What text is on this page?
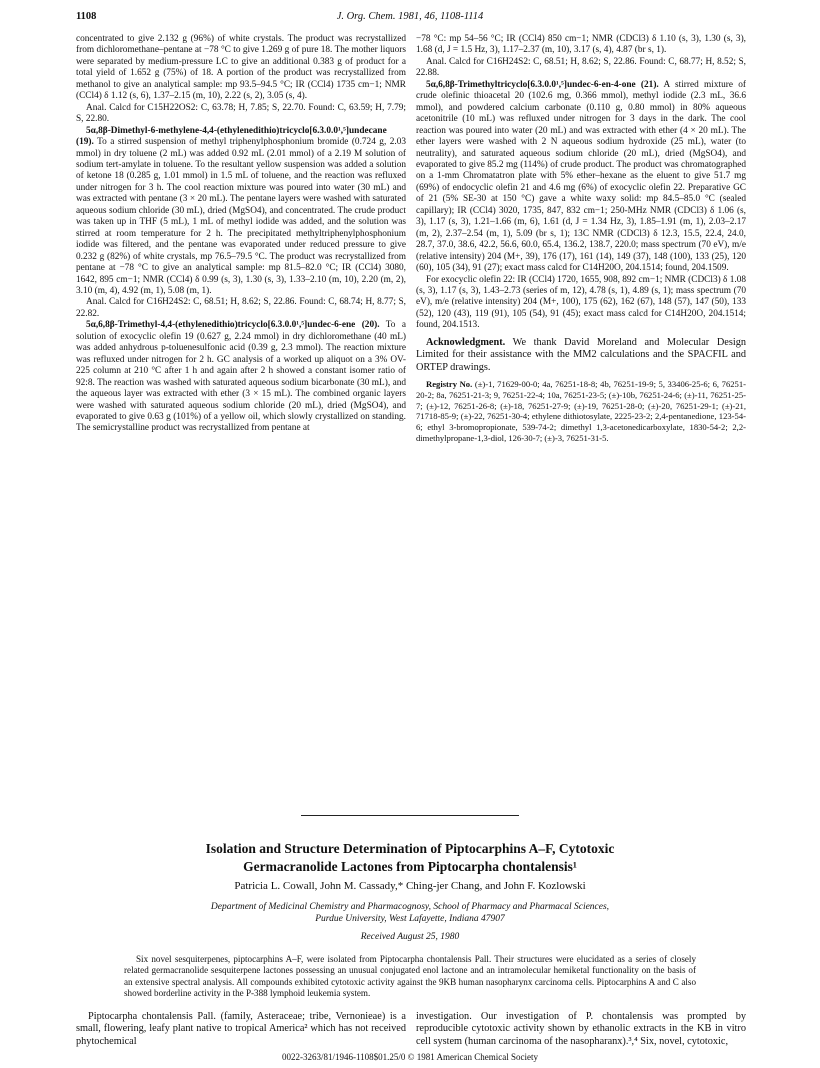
1108	J. Org. Chem. 1981, 46, 1108-1114

concentrated to give 2.132 g (96%) of white crystals. The product was recrystallized from dichloromethane–pentane at −78 °C to give 1.269 g of pure 18. The mother liquors were separated by medium-pressure LC to give an additional 0.383 g of product for a total yield of 1.652 g (75%) of 18. A portion of the product was recrystallized from methanol to give an analytical sample: mp 93.5–94.5 °C; IR (CCl4) 1735 cm−1; NMR (CCl4) δ 1.12 (s, 6), 1.37–2.15 (m, 10), 2.22 (s, 2), 3.05 (s, 4).

Anal. Calcd for C15H22OS2: C, 63.78; H, 7.85; S, 22.70. Found: C, 63.59; H, 7.79; S, 22.80.

5α,8β-Dimethyl-6-methylene-4,4-(ethylenedithio)tricyclo[6.3.0.0¹,⁵]undecane (19). To a stirred suspension of methyl triphenylphosphonium bromide (0.724 g, 2.03 mmol) in dry toluene (2 mL) was added 0.92 mL (2.01 mmol) of a 2.19 M solution of sodium tert-amylate in toluene. To the resultant yellow suspension was added a solution of ketone 18 (0.285 g, 1.01 mmol) in 1.5 mL of toluene, and the reaction was refluxed under nitrogen for 3 h. The cool reaction mixture was poured into water (30 mL) and was extracted with pentane (3 × 20 mL). The pentane layers were washed with saturated aqueous sodium chloride (30 mL), dried (MgSO4), and concentrated. The crude product was taken up in THF (5 mL), 1 mL of methyl iodide was added, and the solution was stirred at room temperature for 2 h. The precipitated methyltriphenylphosphonium iodide was filtered, and the pentane was evaporated under reduced pressure to give 0.232 g (82%) of white crystals, mp 76.5–79.5 °C. The product was recrystallized from pentane at −78 °C to give an analytical sample: mp 81.5–82.0 °C; IR (CCl4) 3080, 1642, 895 cm−1; NMR (CCl4) δ 0.99 (s, 3), 1.30 (s, 3), 1.33–2.10 (m, 10), 2.20 (m, 2), 3.10 (m, 4), 4.92 (m, 1), 5.08 (m, 1).

Anal. Calcd for C16H24S2: C, 68.51; H, 8.62; S, 22.86. Found: C, 68.74; H, 8.77; S, 22.82.

5α,6,8β-Trimethyl-4,4-(ethylenedithio)tricyclo[6.3.0.0¹,⁵]undec-6-ene (20). To a solution of exocyclic olefin 19 (0.627 g, 2.24 mmol) in dry dichloromethane (40 mL) was added anhydrous p-toluenesulfonic acid (0.39 g, 2.3 mmol). The reaction mixture was refluxed under nitrogen for 2 h. GC analysis of a worked up aliquot on a 3% OV-225 column at 210 °C after 1 h and again after 2 h showed a constant isomer ratio of 92:8. The reaction was washed with saturated aqueous sodium bicarbonate (30 mL), and the aqueous layer was extracted with ether (3 × 15 mL). The combined organic layers were washed with saturated aqueous sodium chloride (20 mL), dried (MgSO4), and evaporated to give 0.63 g (101%) of a yellow oil, which slowly crystallized on standing. The semicrystalline product was recrystallized from pentane at

−78 °C: mp 54–56 °C; IR (CCl4) 850 cm−1; NMR (CDCl3) δ 1.10 (s, 3), 1.30 (s, 3), 1.68 (d, J = 1.5 Hz, 3), 1.17–2.37 (m, 10), 3.17 (s, 4), 4.87 (br s, 1).

Anal. Calcd for C16H24S2: C, 68.51; H, 8.62; S, 22.86. Found: C, 68.77; H, 8.52; S, 22.88.

5α,6,8β-Trimethyltricyclo[6.3.0.0¹,⁵]undec-6-en-4-one (21). A stirred mixture of crude olefinic thioacetal 20 (102.6 mg, 0.366 mmol), methyl iodide (2.3 mL, 36.6 mmol), and powdered calcium carbonate (0.110 g, 0.80 mmol) in 80% aqueous acetonitrile (10 mL) was refluxed under nitrogen for 3 days in the dark. The cool reaction was poured into water (20 mL) and was extracted with ether (4 × 20 mL). The ether layers were washed with 2 N aqueous sodium hydroxide (25 mL), water (to neutrality), and saturated aqueous sodium chloride (20 mL), dried (MgSO4), and evaporated to give 85.2 mg (114%) of crude product. The product was chromatographed on a 1-mm Chromatatron plate with 5% ether–hexane as the eluent to give 51.7 mg (69%) of endocyclic olefin 21 and 4.6 mg (6%) of exocyclic olefin 22. Preparative GC of 21 (5% SE-30 at 150 °C) gave a white waxy solid: mp 84.5–85.0 °C (sealed capillary); IR (CCl4) 3020, 1735, 847, 832 cm−1; 250-MHz NMR (CDCl3) δ 1.06 (s, 3), 1.17 (s, 3), 1.21–1.66 (m, 6), 1.61 (d, J = 1.34 Hz, 3), 1.85–1.91 (m, 1), 2.03–2.17 (m, 2), 2.37–2.54 (m, 1), 5.09 (br s, 1); 13C NMR (CDCl3) δ 12.3, 15.5, 22.4, 24.0, 28.7, 37.0, 38.6, 42.2, 56.6, 60.0, 65.4, 136.2, 138.7, 220.0; mass spectrum (70 eV), m/e (relative intensity) 204 (M+, 39), 176 (17), 161 (14), 149 (37), 148 (100), 133 (25), 120 (60), 105 (34), 91 (27); exact mass calcd for C14H20O, 204.1514; found, 204.1509.

For exocyclic olefin 22: IR (CCl4) 1720, 1655, 908, 892 cm−1; NMR (CDCl3) δ 1.08 (s, 3), 1.17 (s, 3), 1.43–2.73 (series of m, 12), 4.78 (s, 1), 4.89 (s, 1); mass spectrum (70 eV), m/e (relative intensity) 204 (M+, 100), 175 (62), 162 (67), 148 (57), 147 (50), 133 (52), 120 (43), 119 (91), 105 (54), 91 (45); exact mass calcd for C14H20O, 204.1514; found, 204.1513.

Acknowledgment. We thank David Moreland and Molecular Design Limited for their assistance with the MM2 calculations and the SPACFIL and ORTEP drawings.

Registry No. (±)-1, 71629-00-0; 4a, 76251-18-8; 4b, 76251-19-9; 5, 33406-25-6; 6, 76251-20-2; 8a, 76251-21-3; 9, 76251-22-4; 10a, 76251-23-5; (±)-10b, 76251-24-6; (±)-11, 76251-25-7; (±)-12, 76251-26-8; (±)-18, 76251-27-9; (±)-19, 76251-28-0; (±)-20, 76251-29-1; (±)-21, 71718-85-9; (±)-22, 76251-30-4; ethylene dithiotosylate, 2225-23-2; 2,4-pentanedione, 123-54-6; ethyl 3-bromopropionate, 539-74-2; dimethyl 1,3-acetonedicarboxylate, 1830-54-2; 2,2-dimethylpropane-1,3-diol, 126-30-7; (±)-3, 76251-31-5.

Isolation and Structure Determination of Piptocarphins A–F, Cytotoxic
Germacranolide Lactones from Piptocarpha chontalensis¹
Patricia L. Cowall, John M. Cassady,* Ching-jer Chang, and John F. Kozlowski
Department of Medicinal Chemistry and Pharmacognosy, School of Pharmacy and Pharmacal Sciences,
Purdue University, West Lafayette, Indiana 47907
Received August 25, 1980
Six novel sesquiterpenes, piptocarphins A–F, were isolated from Piptocarpha chontalensis Pall. Their structures were elucidated as a series of closely related germacranolide sesquiterpene lactones possessing an unusual conjugated enol lactone and an intramolecular hemiketal functionality on the basis of an extensive spectral analysis. All compounds exhibited cytotoxic activity against the 9KB human nasopharynx carcinoma cells. Piptocarphins A and C also showed borderline activity in the P-388 lymphoid leukemia system.
Piptocarpha chontalensis Pall. (family, Asteraceae; tribe, Vernonieae) is a small, flowering, leafy plant native to tropical America² which has not received phytochemical
investigation. Our investigation of P. chontalensis was prompted by reproducible cytotoxic activity shown by ethanolic extracts in the KB in vitro cell system (human carcinoma of the nasopharanx).³,⁴ Six, novel, cytotoxic,
0022-3263/81/1946-1108$01.25/0 © 1981 American Chemical Society
